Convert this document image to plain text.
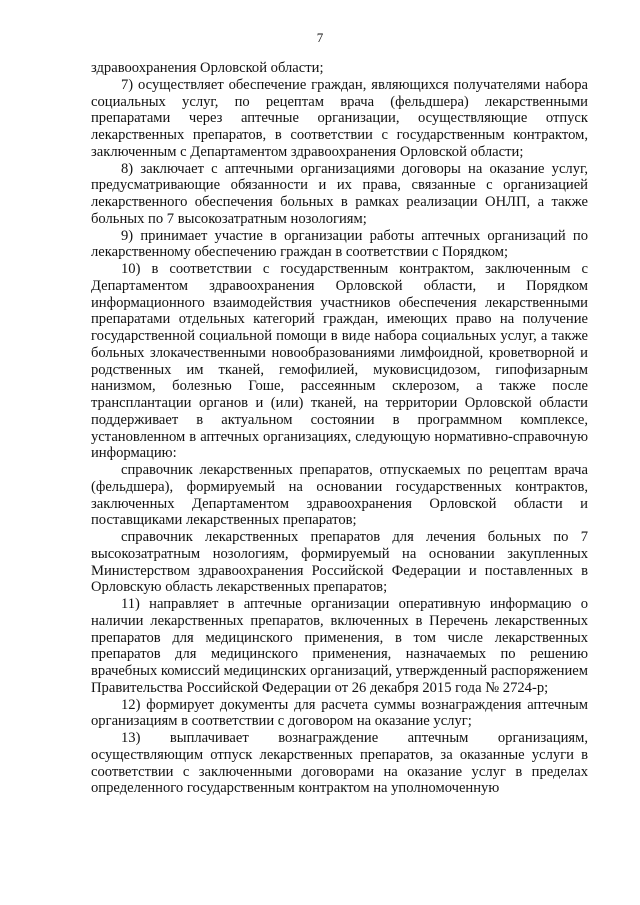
7

здравоохранения Орловской области;

7) осуществляет обеспечение граждан, являющихся получателями набора социальных услуг, по рецептам врача (фельдшера) лекарственными препаратами через аптечные организации, осуществляющие отпуск лекарственных препаратов, в соответствии с государственным контрактом, заключенным с Департаментом здравоохранения Орловской области;

8) заключает с аптечными организациями договоры на оказание услуг, предусматривающие обязанности и их права, связанные с организацией лекарственного обеспечения больных в рамках реализации ОНЛП, а также больных по 7 высокозатратным нозологиям;

9) принимает участие в организации работы аптечных организаций по лекарственному обеспечению граждан в соответствии с Порядком;

10) в соответствии с государственным контрактом, заключенным с Департаментом здравоохранения Орловской области, и Порядком информационного взаимодействия участников обеспечения лекарственными препаратами отдельных категорий граждан, имеющих право на получение государственной социальной помощи в виде набора социальных услуг, а также больных злокачественными новообразованиями лимфоидной, кроветворной и родственных им тканей, гемофилией, муковисцидозом, гипофизарным нанизмом, болезнью Гоше, рассеянным склерозом, а также после трансплантации органов и (или) тканей, на территории Орловской области поддерживает в актуальном состоянии в программном комплексе, установленном в аптечных организациях, следующую нормативно-справочную информацию:

справочник лекарственных препаратов, отпускаемых по рецептам врача (фельдшера), формируемый на основании государственных контрактов, заключенных Департаментом здравоохранения Орловской области и поставщиками лекарственных препаратов;

справочник лекарственных препаратов для лечения больных по 7 высокозатратным нозологиям, формируемый на основании закупленных Министерством здравоохранения Российской Федерации и поставленных в Орловскую область лекарственных препаратов;

11) направляет в аптечные организации оперативную информацию о наличии лекарственных препаратов, включенных в Перечень лекарственных препаратов для медицинского применения, в том числе лекарственных препаратов для медицинского применения, назначаемых по решению врачебных комиссий медицинских организаций, утвержденный распоряжением Правительства Российской Федерации от 26 декабря 2015 года № 2724-р;

12) формирует документы для расчета суммы вознаграждения аптечным организациям в соответствии с договором на оказание услуг;

13) выплачивает вознаграждение аптечным организациям, осуществляющим отпуск лекарственных препаратов, за оказанные услуги в соответствии с заключенными договорами на оказание услуг в пределах определенного государственным контрактом на уполномоченную
